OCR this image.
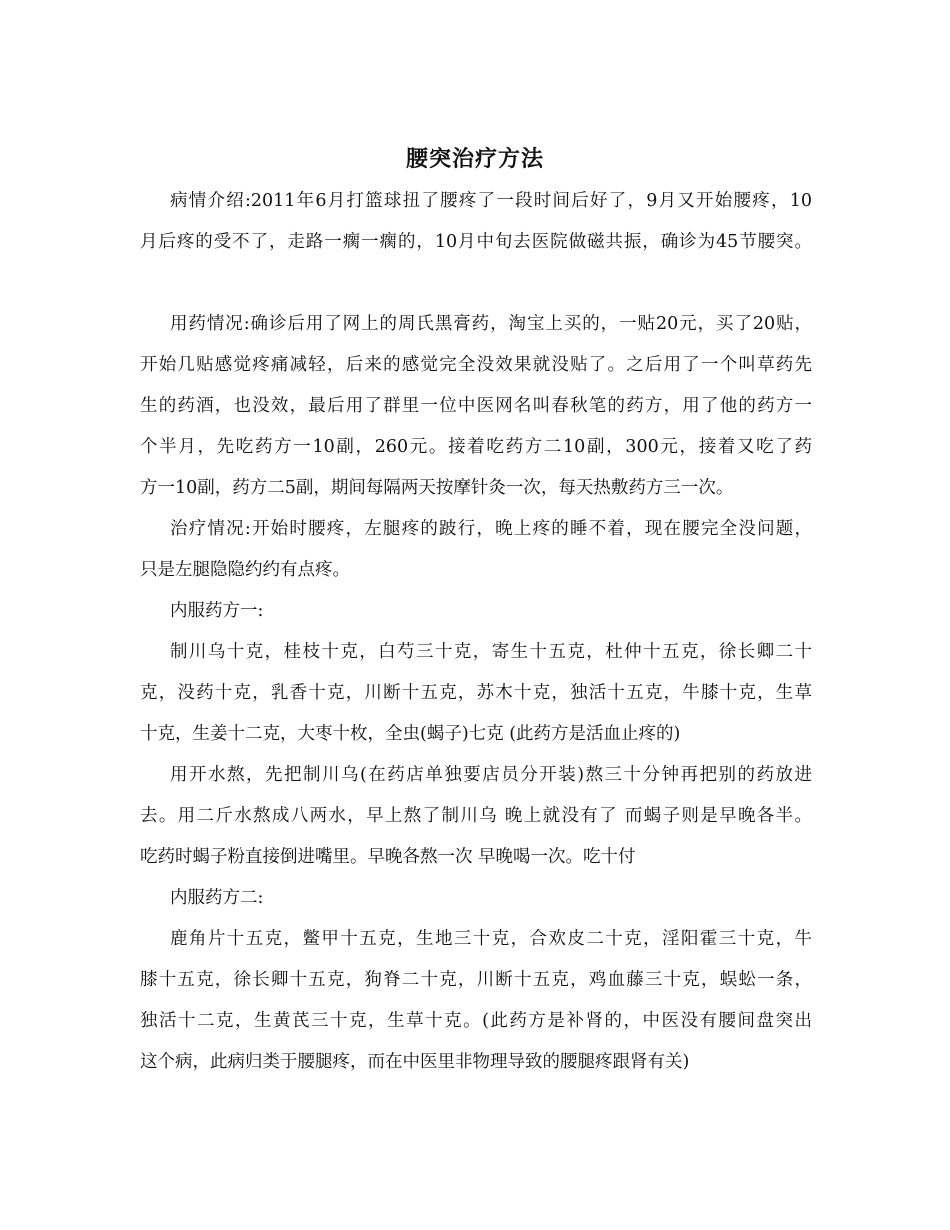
腰突治疗方法
病情介绍:2011年6月打篮球扭了腰疼了一段时间后好了，9月又开始腰疼，10
月后疼的受不了，走路一瘸一瘸的，10月中旬去医院做磁共振，确诊为45节腰突。
用药情况:确诊后用了网上的周氏黑膏药，淘宝上买的，一贴20元，买了20贴，
开始几贴感觉疼痛减轻，后来的感觉完全没效果就没贴了。之后用了一个叫草药先
生的药酒，也没效，最后用了群里一位中医网名叫春秋笔的药方，用了他的药方一
个半月，先吃药方一10副，260元。接着吃药方二10副，300元，接着又吃了药
方一10副，药方二5副，期间每隔两天按摩针灸一次，每天热敷药方三一次。
治疗情况:开始时腰疼，左腿疼的跛行，晚上疼的睡不着，现在腰完全没问题，
只是左腿隐隐约约有点疼。
内服药方一:
制川乌十克，桂枝十克，白芍三十克，寄生十五克，杜仲十五克，徐长卿二十
克，没药十克，乳香十克，川断十五克，苏木十克，独活十五克，牛膝十克，生草
十克，生姜十二克，大枣十枚，全虫(蝎子)七克 (此药方是活血止疼的)
用开水熬，先把制川乌(在药店单独要店员分开装)熬三十分钟再把别的药放进
去。用二斤水熬成八两水，早上熬了制川乌 晚上就没有了 而蝎子则是早晚各半。
吃药时蝎子粉直接倒进嘴里。早晚各熬一次 早晚喝一次。吃十付
内服药方二:
鹿角片十五克，鳖甲十五克，生地三十克，合欢皮二十克，淫阳霍三十克，牛
膝十五克，徐长卿十五克，狗脊二十克，川断十五克，鸡血藤三十克，蜈蚣一条，
独活十二克，生黄芪三十克，生草十克。(此药方是补肾的，中医没有腰间盘突出
这个病，此病归类于腰腿疼，而在中医里非物理导致的腰腿疼跟肾有关)
